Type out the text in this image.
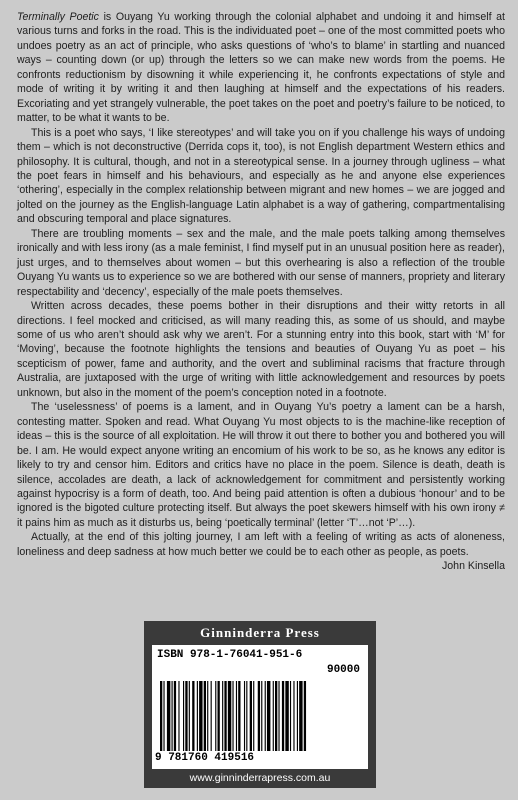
Terminally Poetic is Ouyang Yu working through the colonial alphabet and undoing it and himself at various turns and forks in the road. This is the individuated poet – one of the most committed poets who undoes poetry as an act of principle, who asks questions of ‘who’s to blame’ in startling and nuanced ways – counting down (or up) through the letters so we can make new words from the poems. He confronts reductionism by disowning it while experiencing it, he confronts expectations of style and mode of writing it by writing it and then laughing at himself and the expectations of his readers. Excoriating and yet strangely vulnerable, the poet takes on the poet and poetry’s failure to be noticed, to matter, to be what it wants to be.

This is a poet who says, ‘I like stereotypes’ and will take you on if you challenge his ways of undoing them – which is not deconstructive (Derrida cops it, too), is not English department Western ethics and philosophy. It is cultural, though, and not in a stereotypical sense. In a journey through ugliness – what the poet fears in himself and his behaviours, and especially as he and anyone else experiences ‘othering’, especially in the complex relationship between migrant and new homes – we are jogged and jolted on the journey as the English-language Latin alphabet is a way of gathering, compartmentalising and obscuring temporal and place signatures.

There are troubling moments – sex and the male, and the male poets talking among themselves ironically and with less irony (as a male feminist, I find myself put in an unusual position here as reader), just urges, and to themselves about women – but this overhearing is also a reflection of the trouble Ouyang Yu wants us to experience so we are bothered with our sense of manners, propriety and literary respectability and ‘decency’, especially of the male poets themselves.

Written across decades, these poems bother in their disruptions and their witty retorts in all directions. I feel mocked and criticised, as will many reading this, as some of us should, and maybe some of us who aren’t should ask why we aren’t. For a stunning entry into this book, start with ‘M’ for ‘Moving’, because the footnote highlights the tensions and beauties of Ouyang Yu as poet – his scepticism of power, fame and authority, and the overt and subliminal racisms that fracture through Australia, are juxtaposed with the urge of writing with little acknowledgement and resources by poets unknown, but also in the moment of the poem’s conception noted in a footnote.

The ‘uselessness’ of poems is a lament, and in Ouyang Yu’s poetry a lament can be a harsh, contesting matter. Spoken and read. What Ouyang Yu most objects to is the machine-like reception of ideas – this is the source of all exploitation. He will throw it out there to bother you and bothered you will be. I am. He would expect anyone writing an encomium of his work to be so, as he knows any editor is likely to try and censor him. Editors and critics have no place in the poem. Silence is death, death is silence, accolades are death, a lack of acknowledgement for commitment and persistently working against hypocrisy is a form of death, too. And being paid attention is often a dubious ‘honour’ and to be ignored is the bigoted culture protecting itself. But always the poet skewers himself with his own irony ≠ it pains him as much as it disturbs us, being ‘poetically terminal’ (letter ‘T’…not ‘P’…).

Actually, at the end of this jolting journey, I am left with a feeling of writing as acts of aloneness, loneliness and deep sadness at how much better we could be to each other as people, as poets.

John Kinsella
Ginninderra Press
ISBN 978-1-76041-951-6
90000
9 781760 419516
www.ginninderrapress.com.au
